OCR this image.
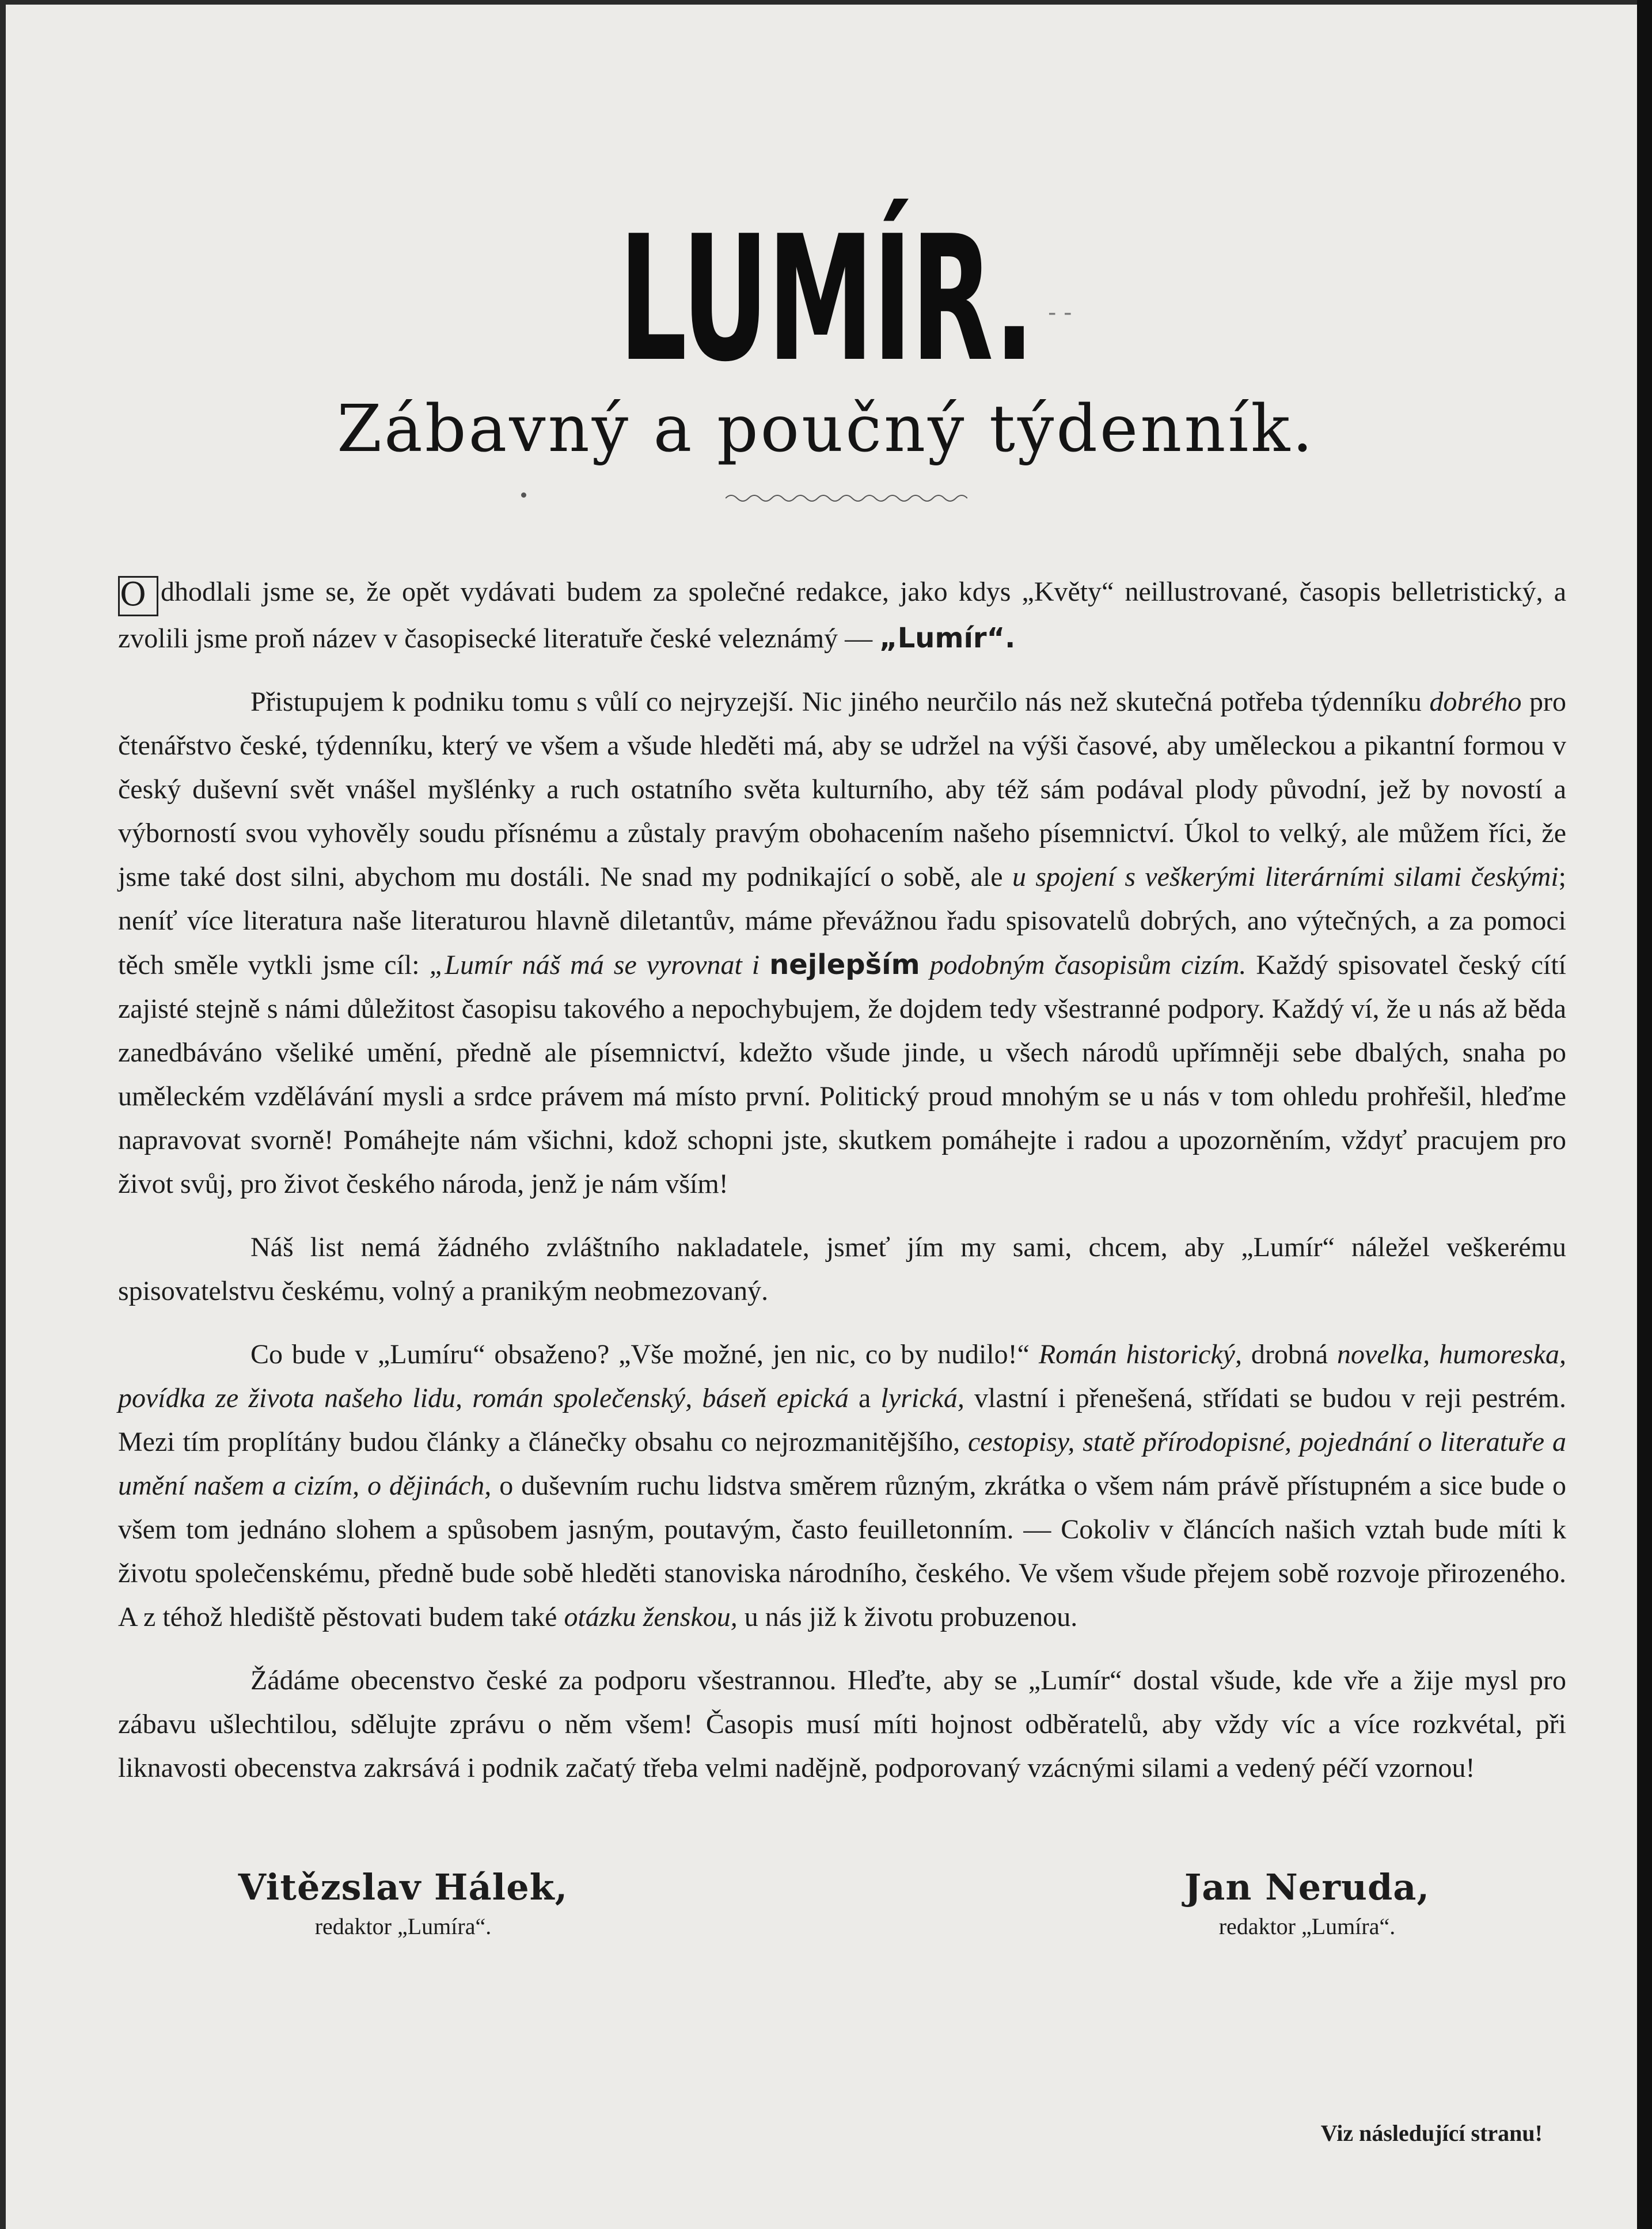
LUMÍR. ‑ ‑
Zábavný a poučný týdenník.

O dhodlali jsme se, že opět vydávati budem za společné redakce, jako kdys „Květy“ neillustrované, časopis belletristický, a zvolili jsme proň název v časopisecké literatuře české veleznámý — „Lumír“.

Přistupujem k podniku tomu s vůlí co nejryzejší. Nic jiného neurčilo nás než skutečná potřeba týdenníku dobrého pro čtenářstvo české, týdenníku, který ve všem a všude hleděti má, aby se udržel na výši časové, aby uměleckou a pikantní formou v český duševní svět vnášel myšlénky a ruch ostatního světa kulturního, aby též sám podával plody původní, jež by novostí a výborností svou vyhověly soudu přísnému a zůstaly pravým obohacením našeho písemnictví. Úkol to velký, ale můžem říci, že jsme také dost silni, abychom mu dostáli. Ne snad my podnikající o sobě, ale u spojení s veškerými literárními silami českými; neníť více literatura naše literaturou hlavně diletantův, máme převážnou řadu spisovatelů dobrých, ano výtečných, a za pomoci těch směle vytkli jsme cíl: „Lumír náš má se vyrovnat i nejlepším podobným časopisům cizím. Každý spisovatel český cítí zajisté stejně s námi důležitost časopisu takového a nepochybujem, že dojdem tedy všestranné podpory. Každý ví, že u nás až běda zanedbáváno všeliké umění, předně ale písemnictví, kdežto všude jinde, u všech národů upřímněji sebe dbalých, snaha po uměleckém vzdělávání mysli a srdce právem má místo první. Politický proud mnohým se u nás v tom ohledu prohřešil, hleďme napravovat svorně! Pomáhejte nám všichni, kdož schopni jste, skutkem pomáhejte i radou a upozorněním, vždyť pracujem pro život svůj, pro život českého národa, jenž je nám vším!

Náš list nemá žádného zvláštního nakladatele, jsmeť jím my sami, chcem, aby „Lumír“ náležel veškerému spisovatelstvu českému, volný a pranikým neobmezovaný.

Co bude v „Lumíru“ obsaženo? „Vše možné, jen nic, co by nudilo!“ Román historický, drobná novelka, humoreska, povídka ze života našeho lidu, román společenský, báseň epická a lyrická, vlastní i přenešená, střídati se budou v reji pestrém. Mezi tím proplítány budou články a článečky obsahu co nejrozmanitějšího, cestopisy, statě přírodopisné, pojednání o literatuře a umění našem a cizím, o dějinách, o duševním ruchu lidstva směrem různým, zkrátka o všem nám právě přístupném a sice bude o všem tom jednáno slohem a spůsobem jasným, poutavým, často feuilletonním. — Cokoliv v článcích našich vztah bude míti k životu společenskému, předně bude sobě hleděti stanoviska národního, českého. Ve všem všude přejem sobě rozvoje přirozeného. A z téhož hlediště pěstovati budem také otázku ženskou, u nás již k životu probuzenou.

Žádáme obecenstvo české za podporu všestrannou. Hleďte, aby se „Lumír“ dostal všude, kde vře a žije mysl pro zábavu ušlechtilou, sdělujte zprávu o něm všem! Časopis musí míti hojnost odběratelů, aby vždy víc a více rozkvétal, při liknavosti obecenstva zakrsává i podnik začatý třeba velmi nadějně, podporovaný vzácnými silami a vedený péčí vzornou!

Vitězslav Hálek,
redaktor „Lumíra“.
Jan Neruda,
redaktor „Lumíra“.
Viz následující stranu!
